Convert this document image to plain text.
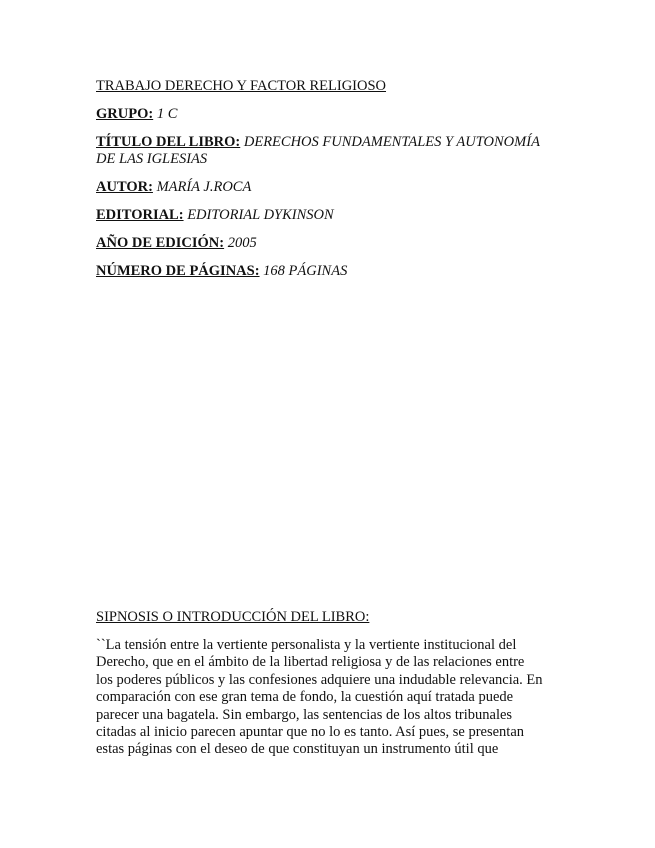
TRABAJO DERECHO Y FACTOR RELIGIOSO
GRUPO: 1 C
TÍTULO DEL LIBRO: DERECHOS FUNDAMENTALES Y AUTONOMÍA
DE LAS IGLESIAS
AUTOR: MARÍA J.ROCA
EDITORIAL: EDITORIAL DYKINSON
AÑO DE EDICIÓN: 2005
NÚMERO DE PÁGINAS: 168 PÁGINAS
SIPNOSIS O INTRODUCCIÓN DEL LIBRO:
``La tensión entre la vertiente personalista y la vertiente institucional del
Derecho, que en el ámbito de la libertad religiosa y de las relaciones entre
los poderes públicos y las confesiones adquiere una indudable relevancia. En
comparación con ese gran tema de fondo, la cuestión aquí tratada puede
parecer una bagatela. Sin embargo, las sentencias de los altos tribunales
citadas al inicio parecen apuntar que no lo es tanto. Así pues, se presentan
estas páginas con el deseo de que constituyan un instrumento útil que
